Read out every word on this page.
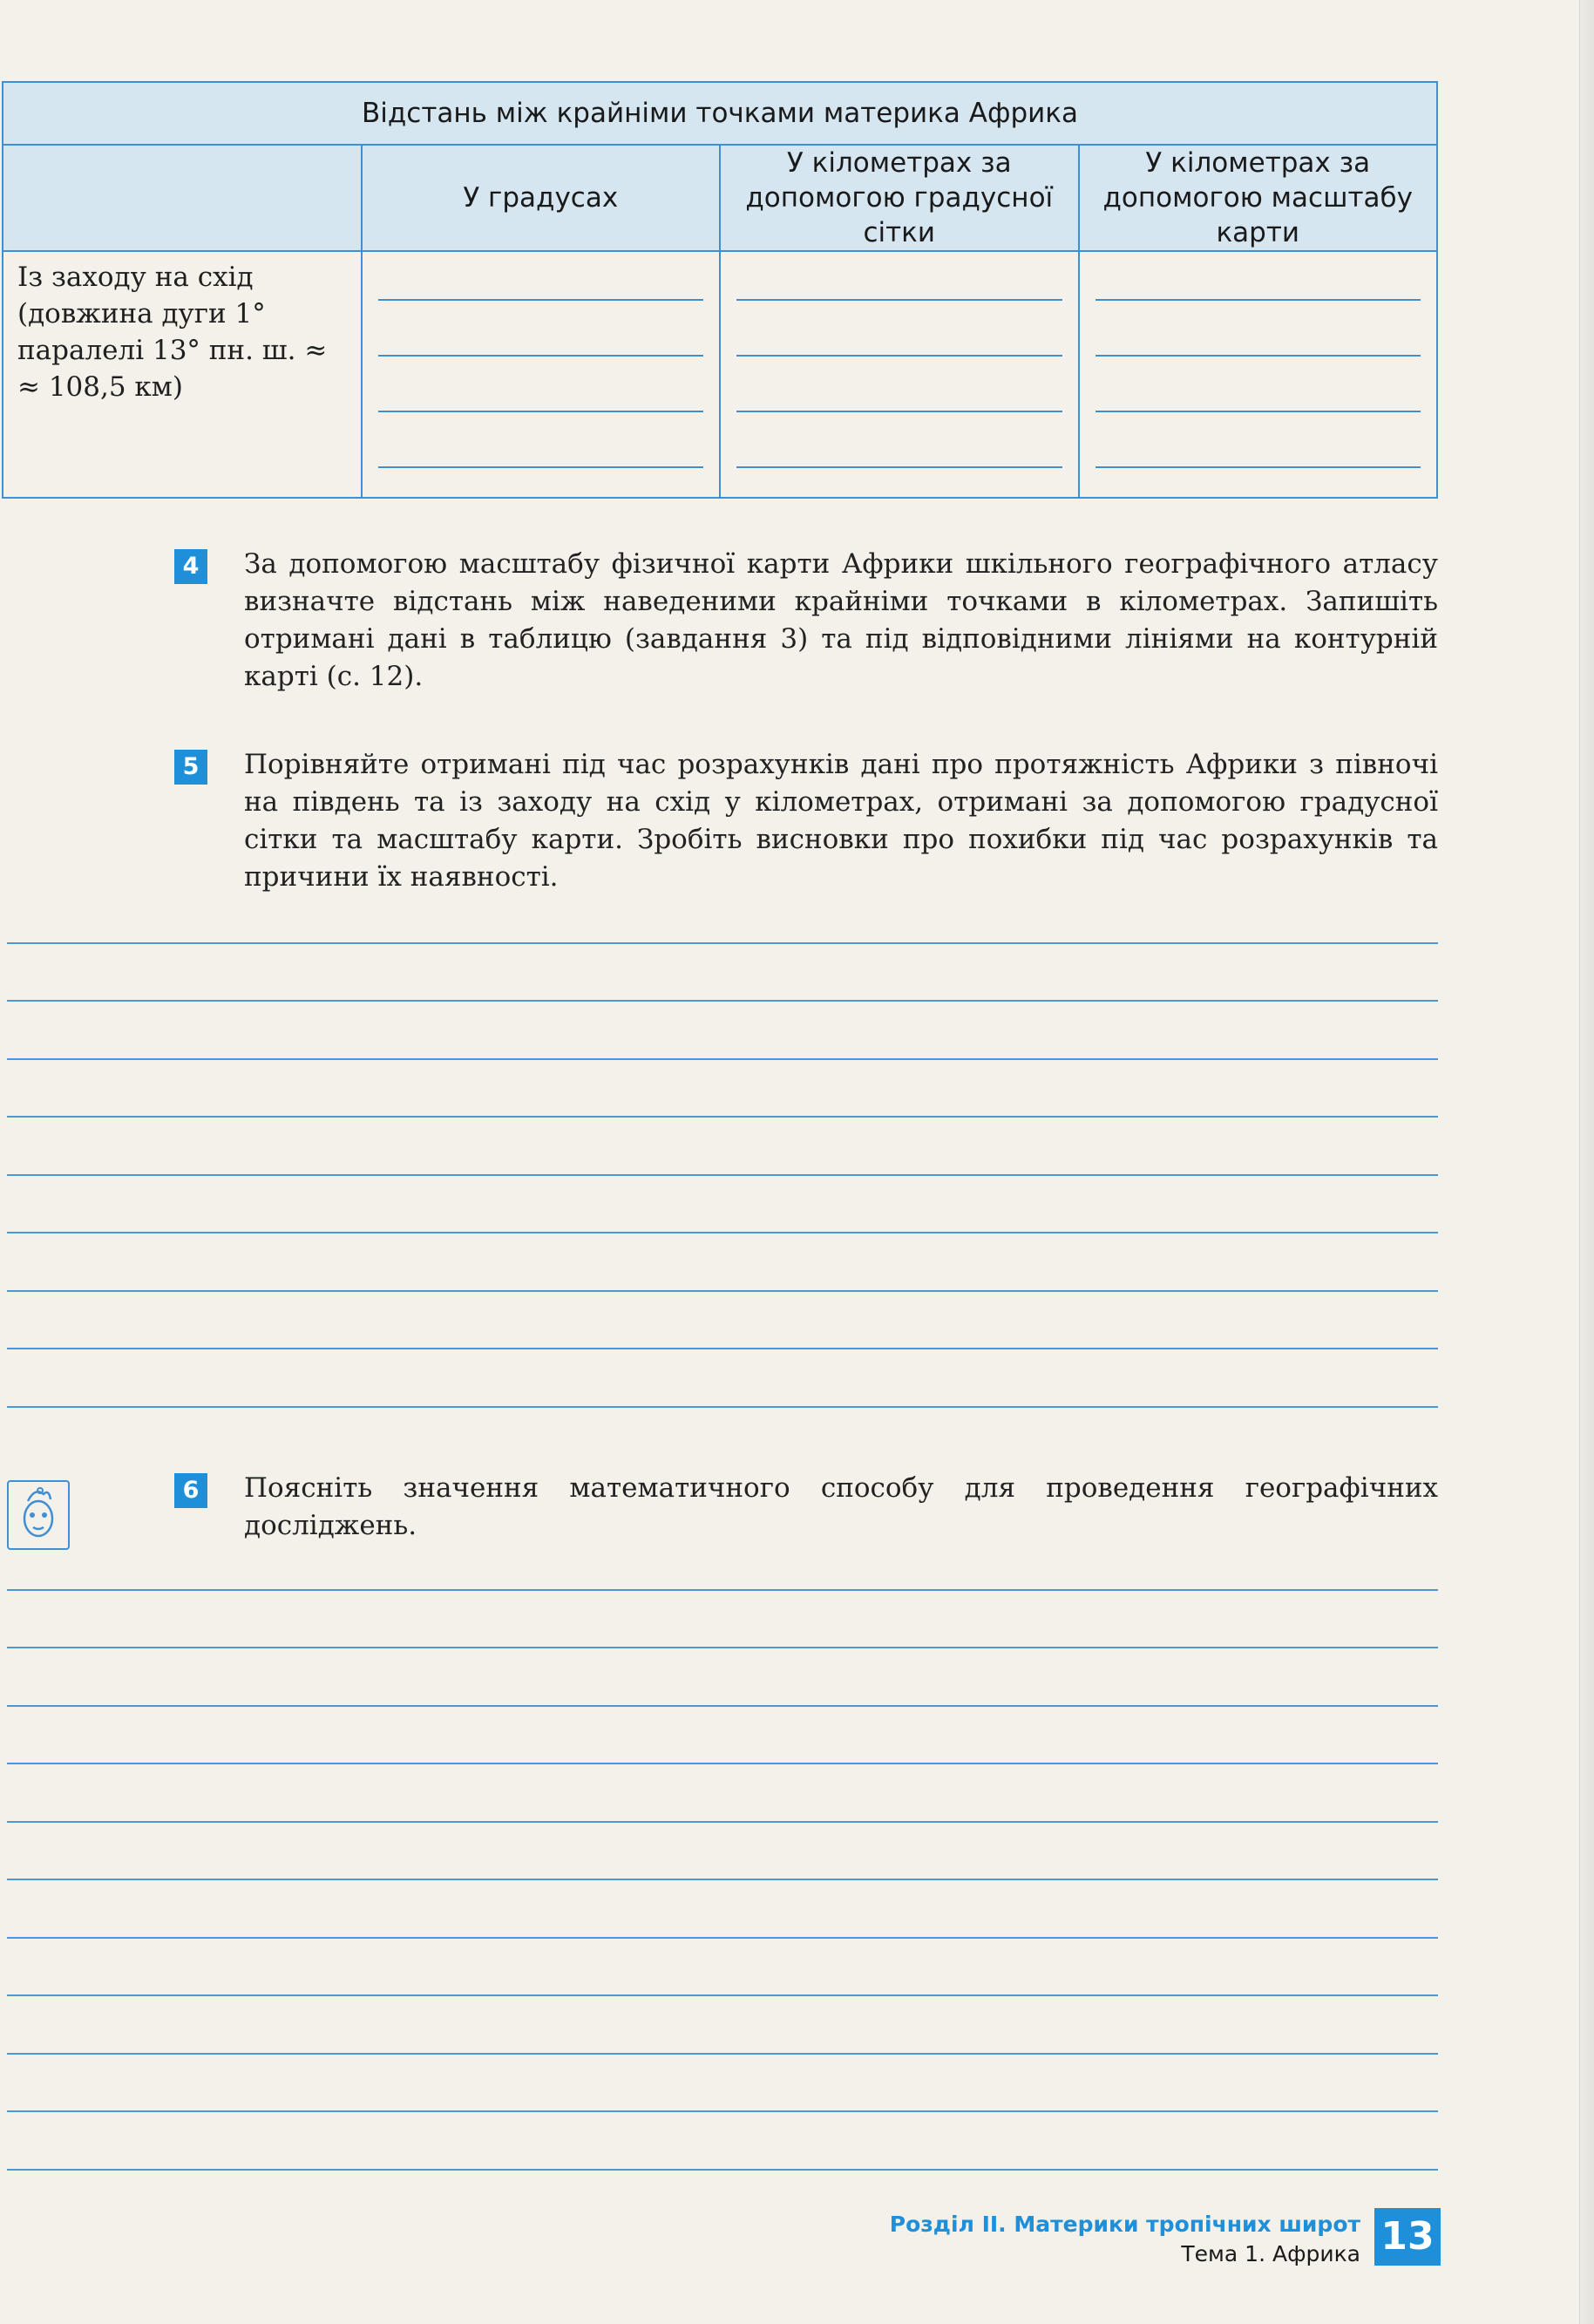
Відстань між крайніми точками материка Африка			

	У градусах	У кілометрах за допомогою градусної сітки	У кілометрах за допомогою масштабу карти

Із заходу на схід (довжина дуги 1° паралелі 13° пн. ш. ≈ ≈ 108,5 км)	

4	За допомогою масштабу фізичної карти Африки шкільного географічного атласу визначте відстань між наведеними крайніми точками в кілометрах. Запишіть отримані дані в таблицю (завдання 3) та під відповідними лініями на контурній карті (с. 12).
5	Порівняйте отримані під час розрахунків дані про протяжність Африки з півночі на південь та із заходу на схід у кілометрах, отримані за допомогою градусної сітки та масштабу карти. Зробіть висновки про похибки під час розрахунків та причини їх наявності.
6	Поясніть значення математичного способу для проведення географічних досліджень.
Розділ ІІ. Материки тропічних широт
Тема 1. Африка 13
